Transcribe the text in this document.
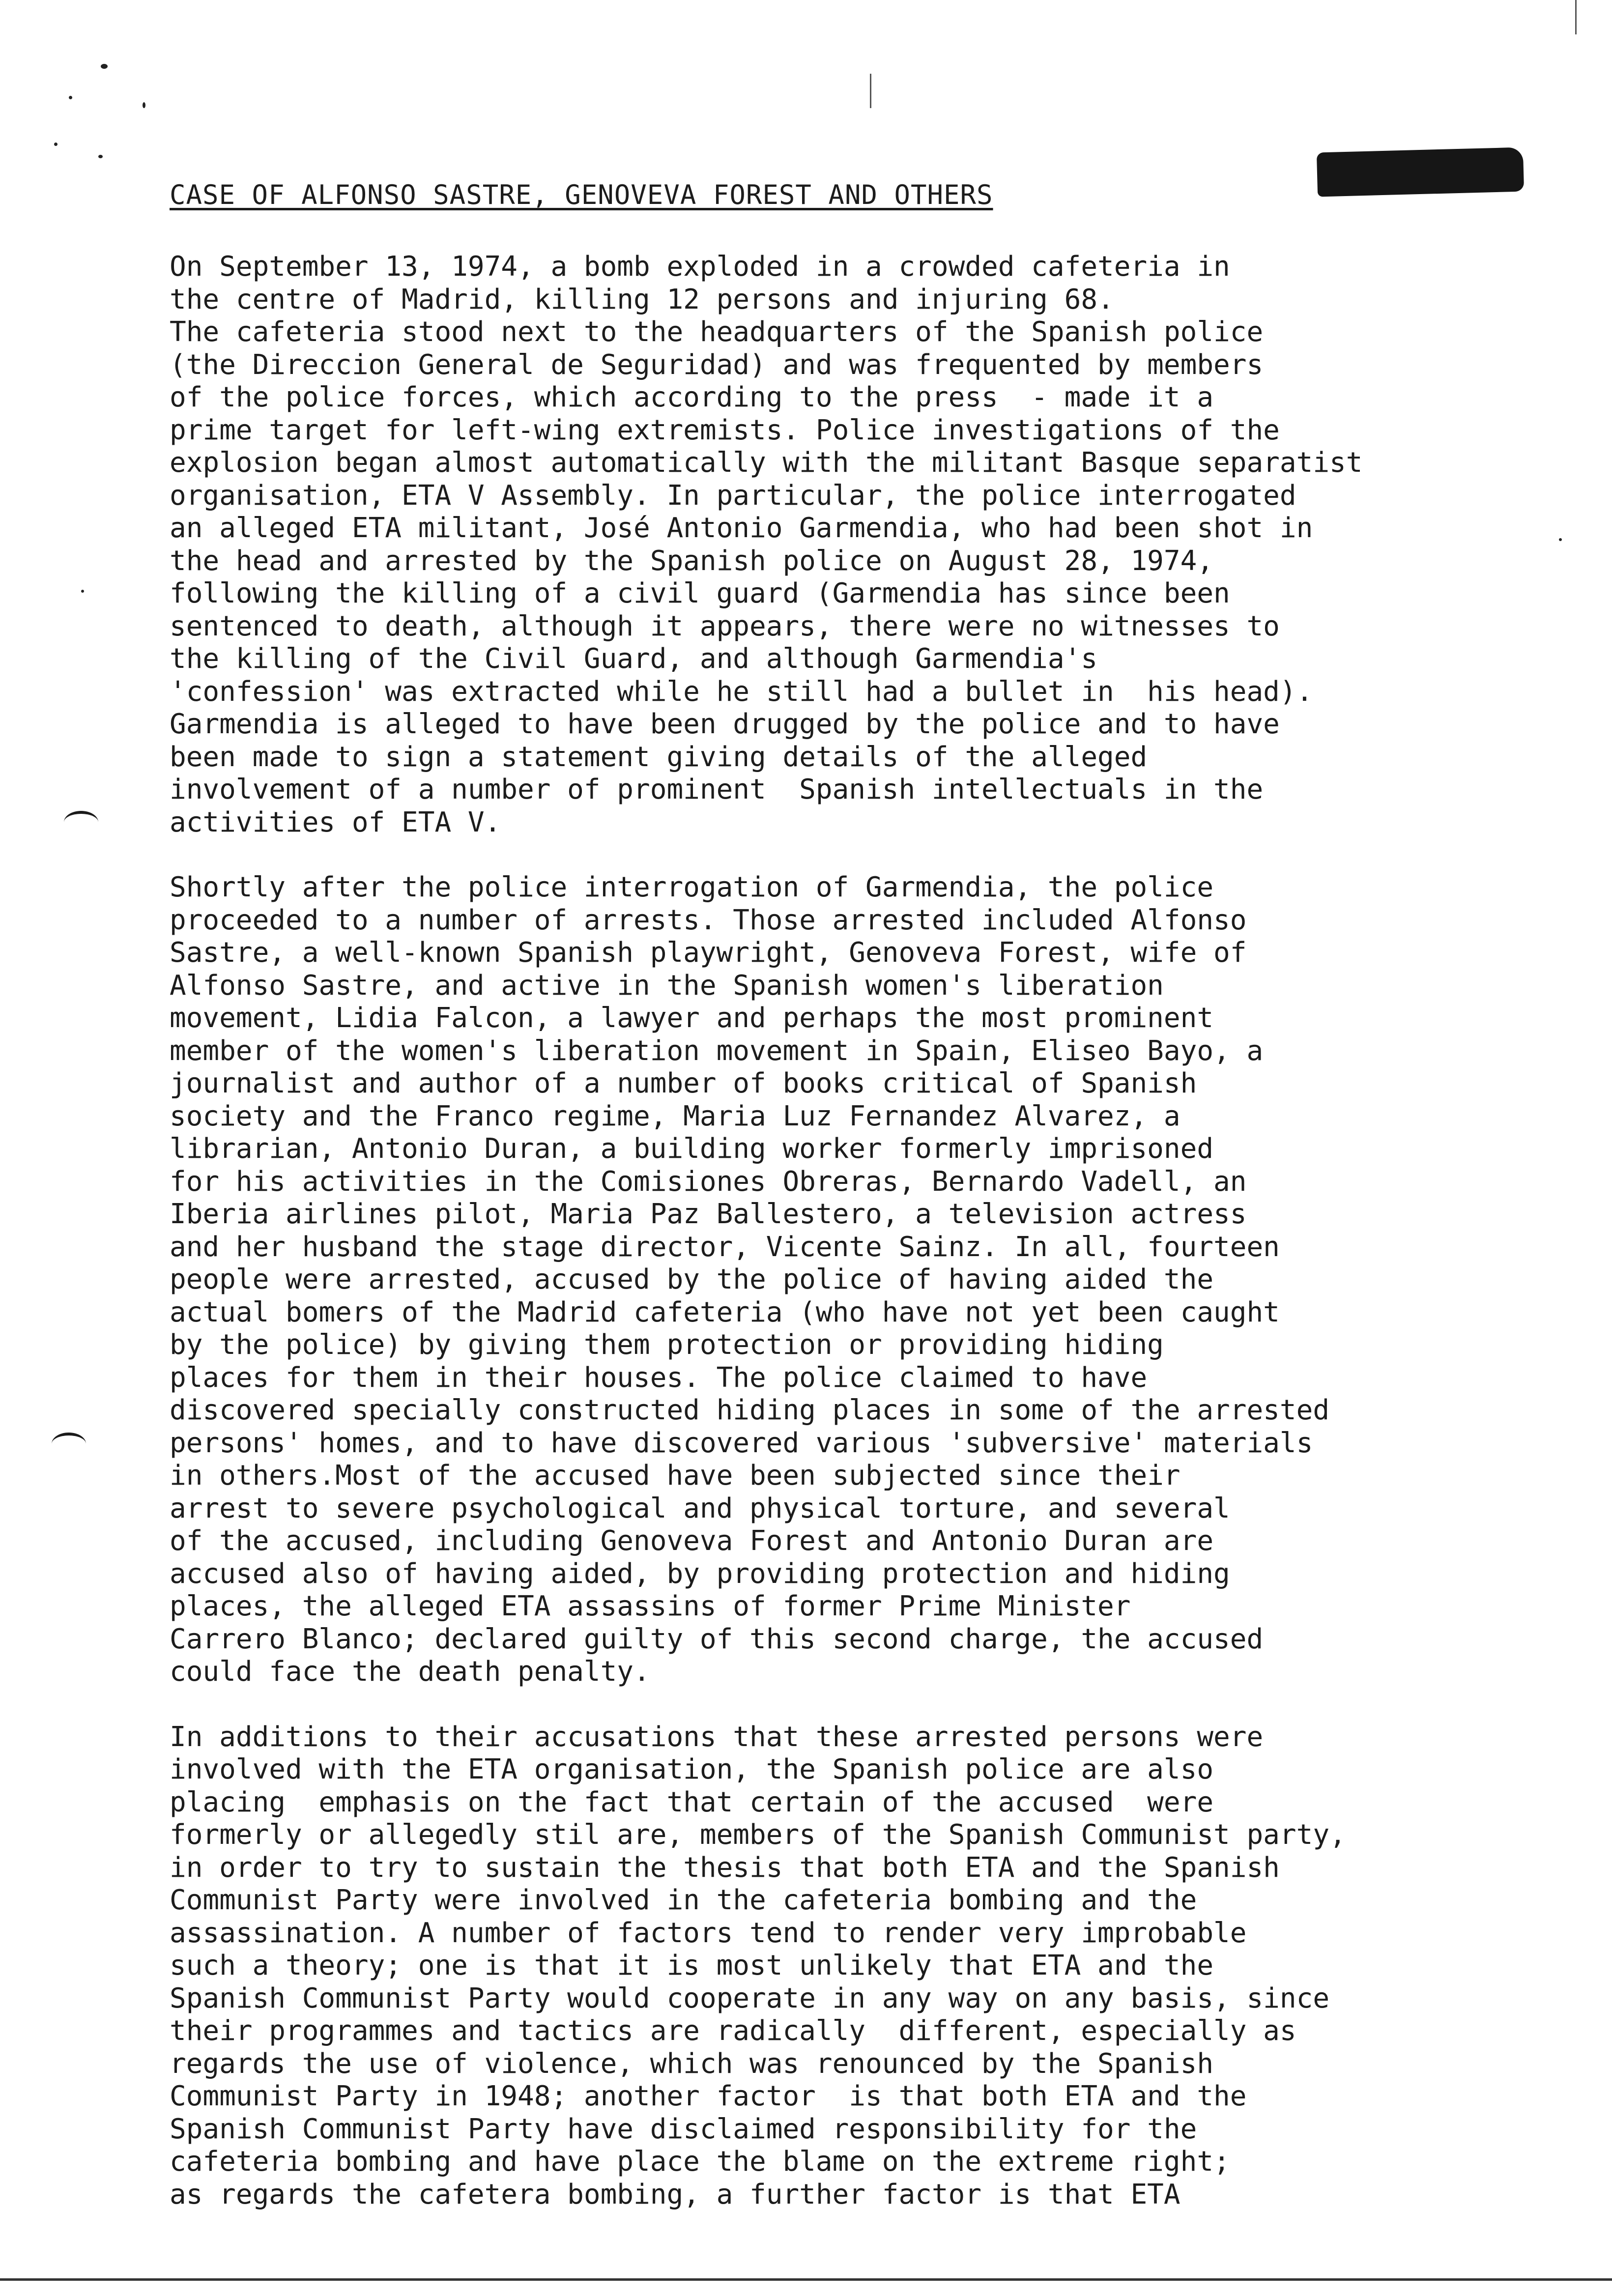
CASE OF ALFONSO SASTRE, GENOVEVA FOREST AND OTHERS
On September 13, 1974, a bomb exploded in a crowded cafeteria in
the centre of Madrid, killing 12 persons and injuring 68.
The cafeteria stood next to the headquarters of the Spanish police
(the Direccion General de Seguridad) and was frequented by members
of the police forces, which according to the press  - made it a
prime target for left-wing extremists. Police investigations of the
explosion began almost automatically with the militant Basque separatist
organisation, ETA V Assembly. In particular, the police interrogated
an alleged ETA militant, José Antonio Garmendia, who had been shot in
the head and arrested by the Spanish police on August 28, 1974,
following the killing of a civil guard (Garmendia has since been
sentenced to death, although it appears, there were no witnesses to
the killing of the Civil Guard, and although Garmendia's
'confession' was extracted while he still had a bullet in  his head).
Garmendia is alleged to have been drugged by the police and to have
been made to sign a statement giving details of the alleged
involvement of a number of prominent  Spanish intellectuals in the
activities of ETA V.
Shortly after the police interrogation of Garmendia, the police
proceeded to a number of arrests. Those arrested included Alfonso
Sastre, a well-known Spanish playwright, Genoveva Forest, wife of
Alfonso Sastre, and active in the Spanish women's liberation
movement, Lidia Falcon, a lawyer and perhaps the most prominent
member of the women's liberation movement in Spain, Eliseo Bayo, a
journalist and author of a number of books critical of Spanish
society and the Franco regime, Maria Luz Fernandez Alvarez, a
librarian, Antonio Duran, a building worker formerly imprisoned
for his activities in the Comisiones Obreras, Bernardo Vadell, an
Iberia airlines pilot, Maria Paz Ballestero, a television actress
and her husband the stage director, Vicente Sainz. In all, fourteen
people were arrested, accused by the police of having aided the
actual bomers of the Madrid cafeteria (who have not yet been caught
by the police) by giving them protection or providing hiding
places for them in their houses. The police claimed to have
discovered specially constructed hiding places in some of the arrested
persons' homes, and to have discovered various 'subversive' materials
in others.Most of the accused have been subjected since their
arrest to severe psychological and physical torture, and several
of the accused, including Genoveva Forest and Antonio Duran are
accused also of having aided, by providing protection and hiding
places, the alleged ETA assassins of former Prime Minister
Carrero Blanco; declared guilty of this second charge, the accused
could face the death penalty.
In additions to their accusations that these arrested persons were
involved with the ETA organisation, the Spanish police are also
placing  emphasis on the fact that certain of the accused  were
formerly or allegedly stil are, members of the Spanish Communist party,
in order to try to sustain the thesis that both ETA and the Spanish
Communist Party were involved in the cafeteria bombing and the
assassination. A number of factors tend to render very improbable
such a theory; one is that it is most unlikely that ETA and the
Spanish Communist Party would cooperate in any way on any basis, since
their programmes and tactics are radically  different, especially as
regards the use of violence, which was renounced by the Spanish
Communist Party in 1948; another factor  is that both ETA and the
Spanish Communist Party have disclaimed responsibility for the
cafeteria bombing and have place the blame on the extreme right;
as regards the cafetera bombing, a further factor is that ETA
